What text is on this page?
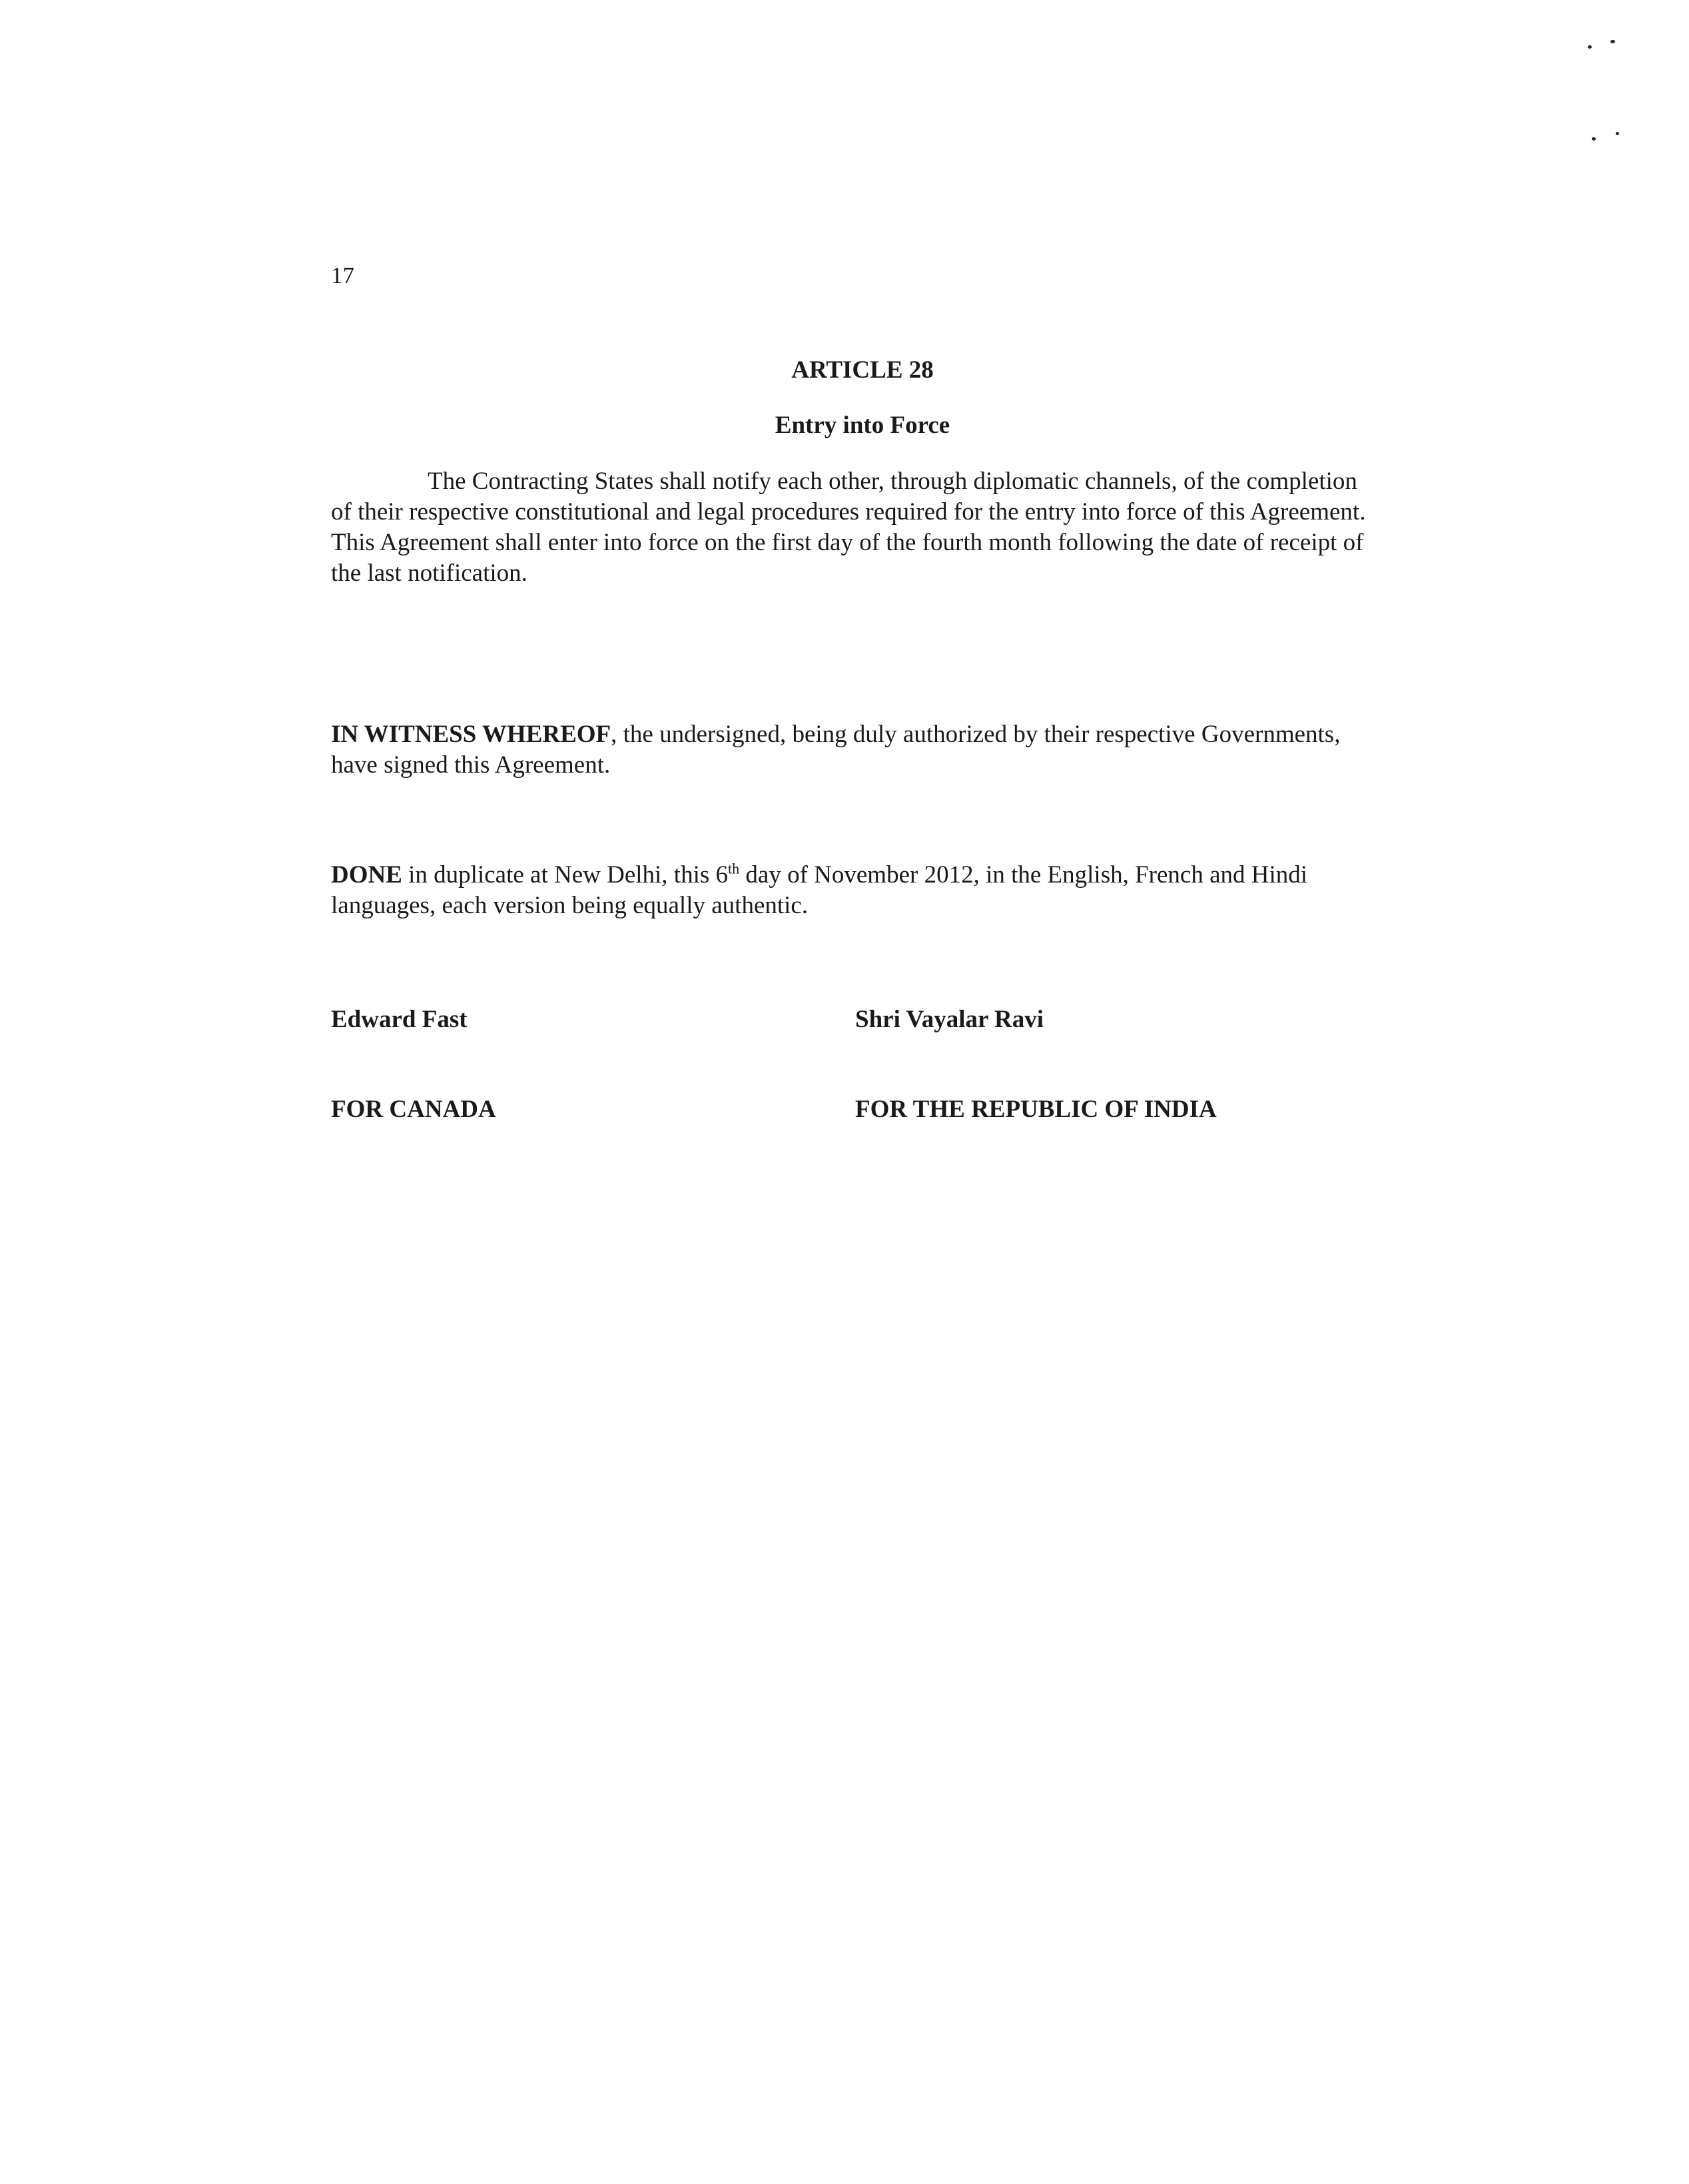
17
ARTICLE 28
Entry into Force

The Contracting States shall notify each other, through diplomatic channels, of the completion of their respective constitutional and legal procedures required for the entry into force of this Agreement. This Agreement shall enter into force on the first day of the fourth month following the date of receipt of the last notification.

IN WITNESS WHEREOF, the undersigned, being duly authorized by their respective Governments, have signed this Agreement.

DONE in duplicate at New Delhi, this 6th day of November 2012, in the English, French and Hindi languages, each version being equally authentic.

Edward Fast	Shri Vayalar Ravi
FOR CANADA	FOR THE REPUBLIC OF INDIA
